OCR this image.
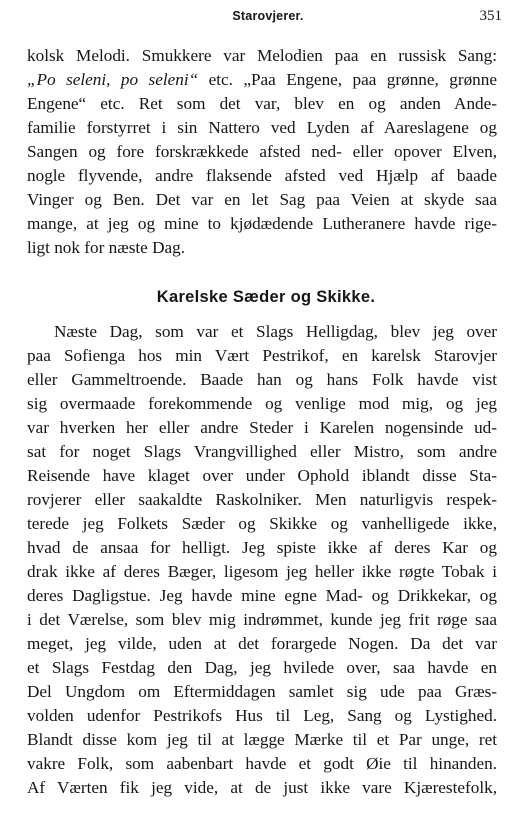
Starovjerer.	351
kolsk Melodi. Smukkere var Melodien paa en russisk Sang:
„Po seleni, po seleni“ etc. „Paa Engene, paa grønne, grønne
Engene“ etc. Ret som det var, blev en og anden Ande-
familie forstyrret i sin Nattero ved Lyden af Aareslagene og
Sangen og fore forskrækkede afsted ned- eller opover Elven,
nogle flyvende, andre flaksende afsted ved Hjælp af baade
Vinger og Ben. Det var en let Sag paa Veien at skyde saa
mange, at jeg og mine to kjødædende Lutheranere havde rige-
ligt nok for næste Dag.
Karelske Sæder og Skikke.
Næste Dag, som var et Slags Helligdag, blev jeg over
paa Sofienga hos min Vært Pestrikof, en karelsk Starovjer
eller Gammeltroende. Baade han og hans Folk havde vist
sig overmaade forekommende og venlige mod mig, og jeg
var hverken her eller andre Steder i Karelen nogensinde ud-
sat for noget Slags Vrangvillighed eller Mistro, som andre
Reisende have klaget over under Ophold iblandt disse Sta-
rovjerer eller saakaldte Raskolniker. Men naturligvis respek-
terede jeg Folkets Sæder og Skikke og vanhelligede ikke,
hvad de ansaa for helligt. Jeg spiste ikke af deres Kar og
drak ikke af deres Bæger, ligesom jeg heller ikke røgte Tobak i
deres Dagligstue. Jeg havde mine egne Mad- og Drikkekar, og
i det Værelse, som blev mig indrømmet, kunde jeg frit røge saa
meget, jeg vilde, uden at det forargede Nogen. Da det var
et Slags Festdag den Dag, jeg hvilede over, saa havde en
Del Ungdom om Eftermiddagen samlet sig ude paa Græs-
volden udenfor Pestrikofs Hus til Leg, Sang og Lystighed.
Blandt disse kom jeg til at lægge Mærke til et Par unge, ret
vakre Folk, som aabenbart havde et godt Øie til hinanden.
Af Værten fik jeg vide, at de just ikke vare Kjærestefolk,
